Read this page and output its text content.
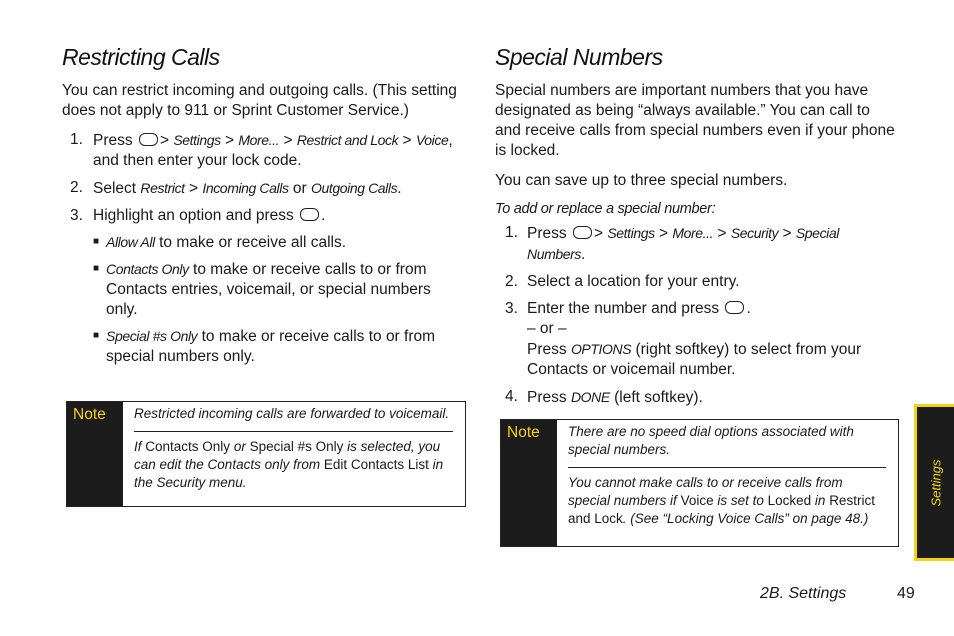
Restricting Calls

You can restrict incoming and outgoing calls. (This setting does not apply to 911 or Sprint Customer Service.)

1. Press > Settings > More... > Restrict and Lock > Voice, and then enter your lock code.
2. Select Restrict > Incoming Calls or Outgoing Calls.
3. Highlight an option and press .
■ Allow All to make or receive all calls.
■ Contacts Only to make or receive calls to or from Contacts entries, voicemail, or special numbers only.
■ Special #s Only to make or receive calls to or from special numbers only.
Note	Restricted incoming calls are forwarded to voicemail.
If Contacts Only or Special #s Only is selected, you can edit the Contacts only from Edit Contacts List in the Security menu.
Special Numbers

Special numbers are important numbers that you have designated as being “always available.” You can call to and receive calls from special numbers even if your phone is locked.

You can save up to three special numbers.

To add or replace a special number:
1. Press > Settings > More... > Security > Special Numbers.
2. Select a location for your entry.
3. Enter the number and press .
– or –
Press OPTIONS (right softkey) to select from your Contacts or voicemail number.
4. Press DONE (left softkey).
Note	There are no speed dial options associated with special numbers.
You cannot make calls to or receive calls from special numbers if Voice is set to Locked in Restrict and Lock. (See “Locking Voice Calls” on page 48.)
Settings
2B. Settings	49
